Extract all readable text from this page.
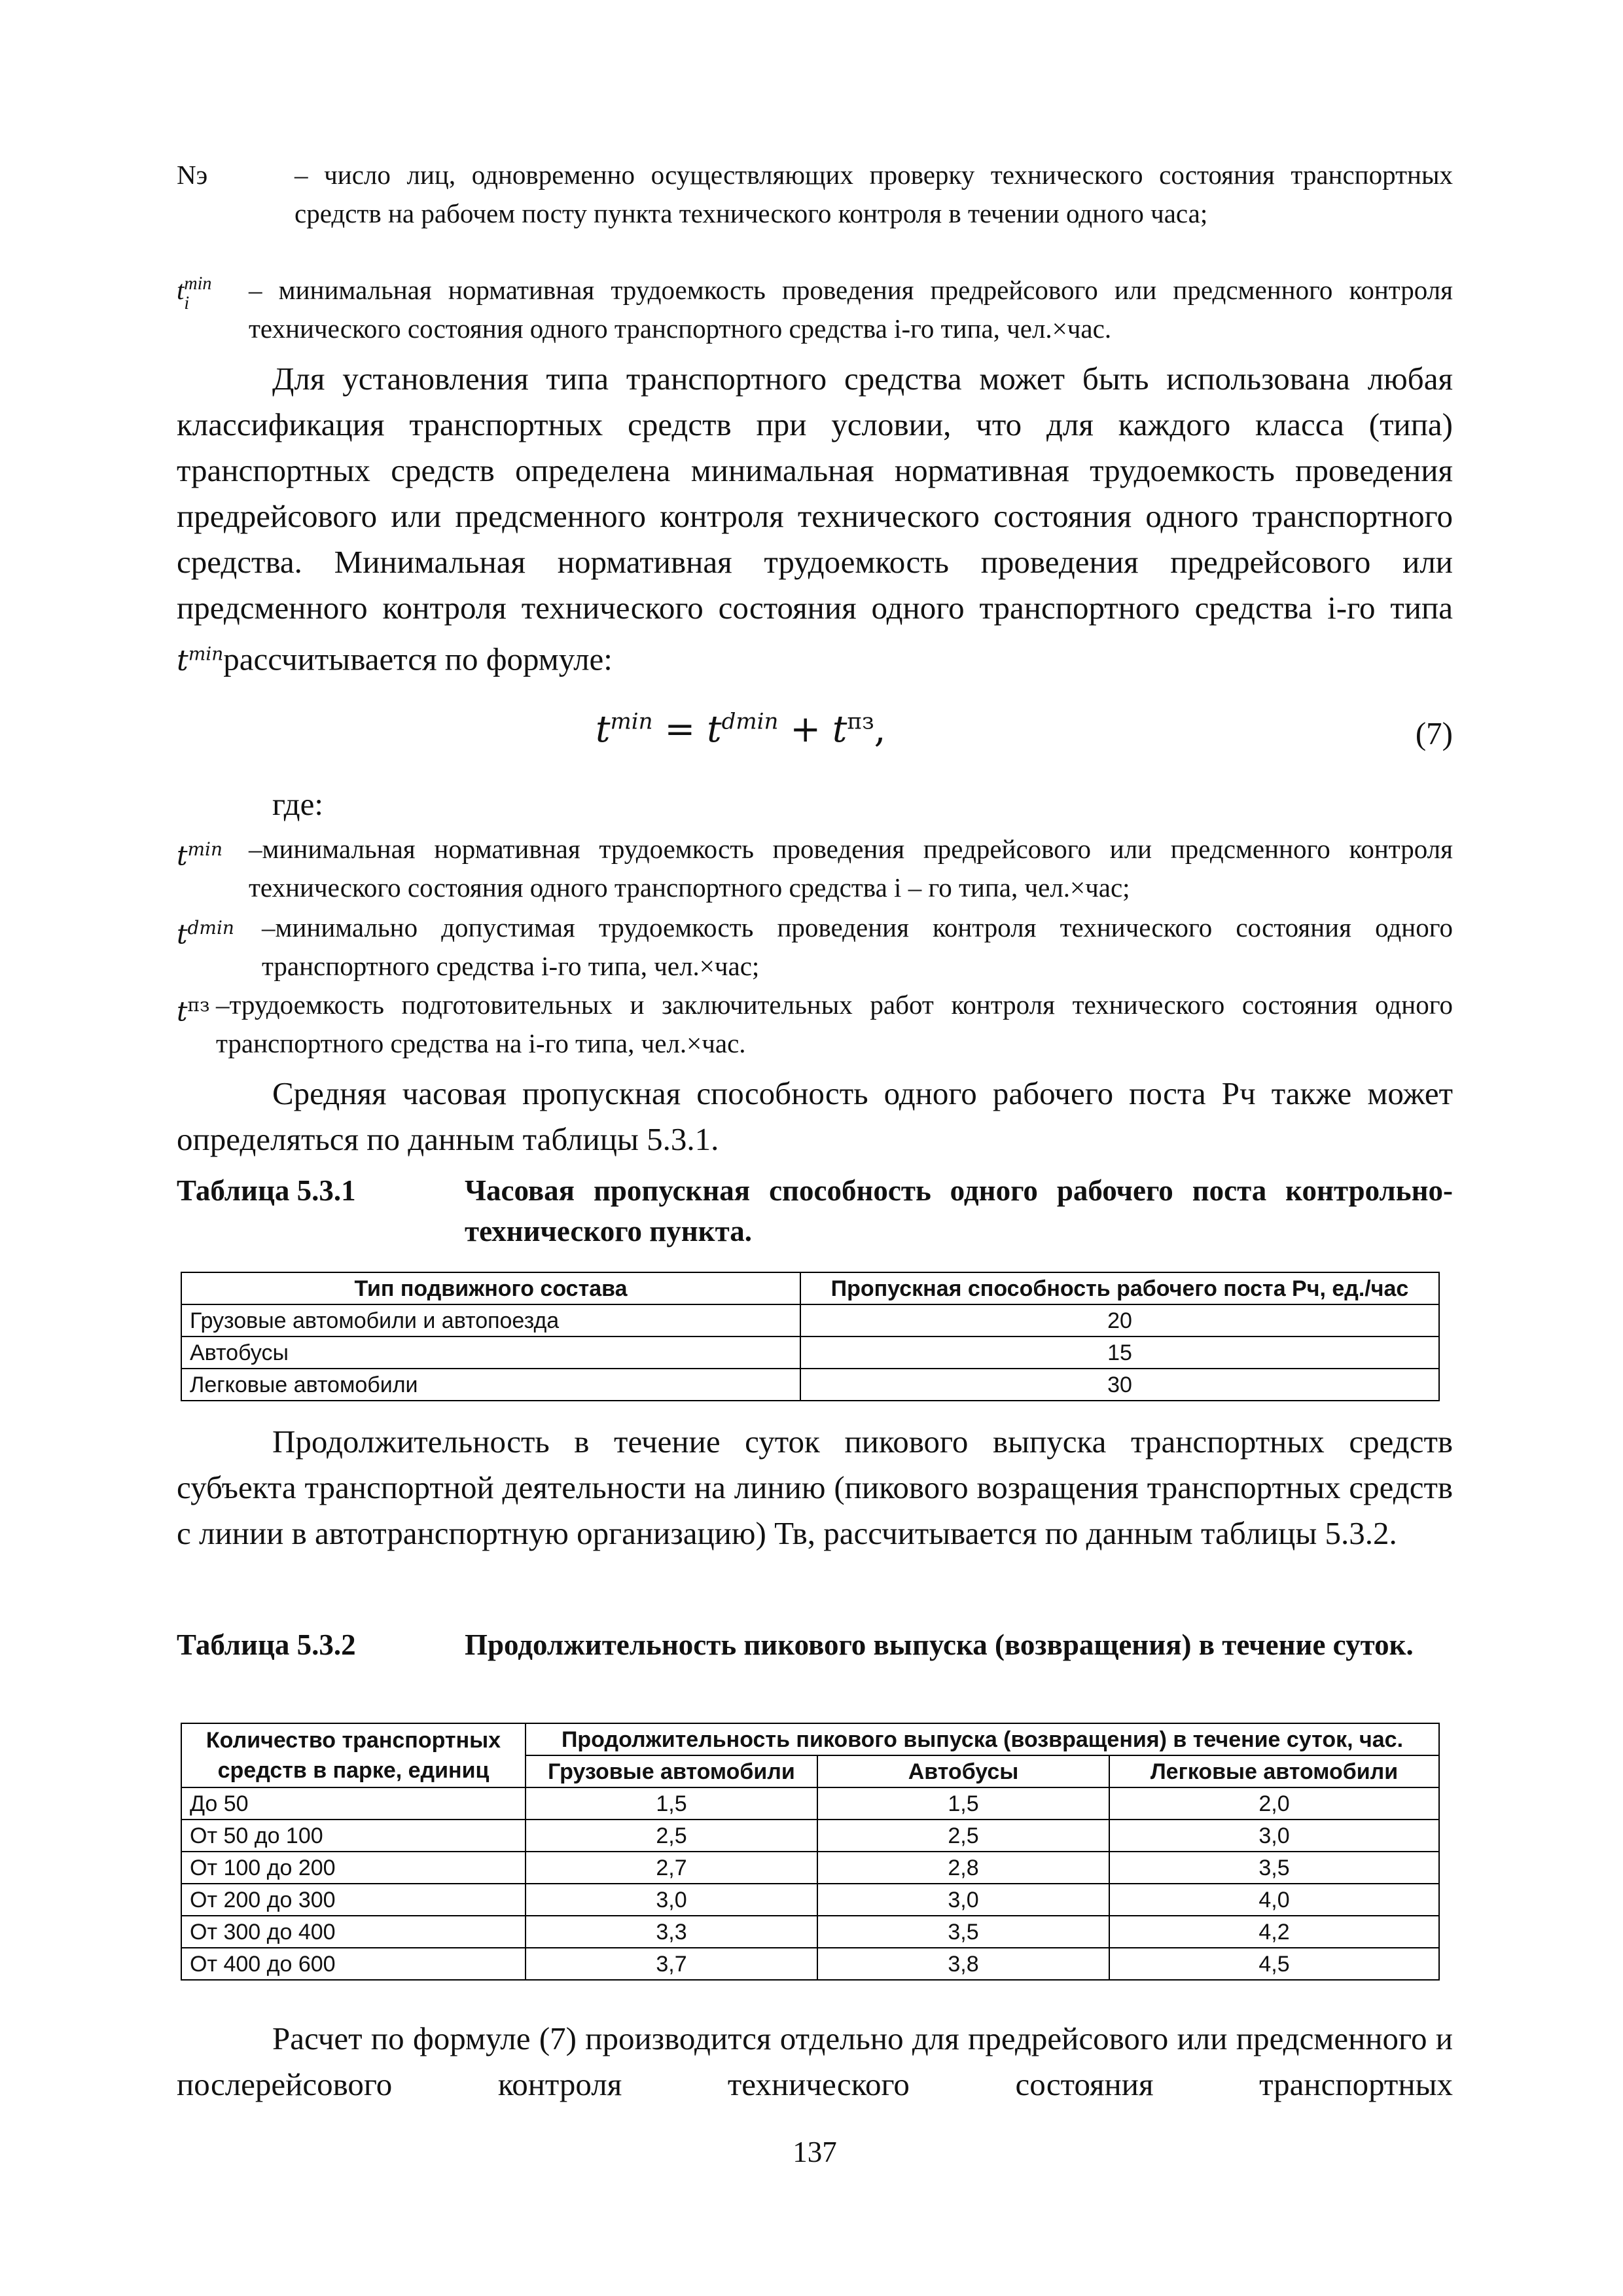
Nэ	– число лиц, одновременно осуществляющих проверку технического состояния транспортных средств на рабочем посту пункта технического контроля в течении одного часа;
t min
i	– минимальная нормативная трудоемкость проведения предрейсового или предсменного контроля технического состояния одного транспортного средства i-го типа, чел.×час.
Для установления типа транспортного средства может быть использована любая классификация транспортных средств при условии, что для каждого класса (типа) транспортных средств определена минимальная нормативная трудоемкость проведения предрейсового или предсменного контроля технического состояния одного транспортного средства. Минимальная нормативная трудоемкость проведения предрейсового или предсменного контроля технического состояния одного транспортного средства i-го типа $t^{min}рассчитывается$ по формуле:
$t^{min} = t^{dmin} + t^{пз}$,	(7)
где:
$t^{min}$ –минимальная нормативная трудоемкость проведения предрейсового или предсменного контроля технического состояния одного транспортного средства i – го типа, чел.×час;
$t^{dmin}$	–минимально допустимая трудоемкость проведения контроля технического состояния одного транспортного средства i-го типа, чел.×час;
$t^{пз}$ –трудоемкость подготовительных и заключительных работ контроля технического состояния одного транспортного средства на i-го типа, чел.×час.
Средняя часовая пропускная способность одного рабочего поста Pч также может определяться по данным таблицы 5.3.1.
Таблица 5.3.1	Часовая пропускная способность одного рабочего поста контрольно-технического пункта.
Тип подвижного состава	Пропускная способность рабочего поста Pч, ед./час
Грузовые автомобили и автопоезда	20
Автобусы	15
Легковые автомобили	30
Продолжительность в течение суток пикового выпуска транспортных средств субъекта транспортной деятельности на линию (пикового возращения транспортных средств с линии в автотранспортную организацию) Тв, рассчитывается по данным таблицы 5.3.2.
Таблица 5.3.2	Продолжительность пикового выпуска (возвращения) в течение суток.
Количество транспортных средств в парке, единиц	Продолжительность пикового выпуска (возвращения) в течение суток, час.		
	Грузовые автомобили	Автобусы	Легковые автомобили
До 50	1,5	1,5	2,0
От 50 до 100	2,5	2,5	3,0
От 100 до 200	2,7	2,8	3,5
От 200 до 300	3,0	3,0	4,0
От 300 до 400	3,3	3,5	4,2
От 400 до 600	3,7	3,8	4,5
Расчет по формуле (7) производится отдельно для предрейсового или предсменного и послерейсового контроля технического состояния транспортных
137
